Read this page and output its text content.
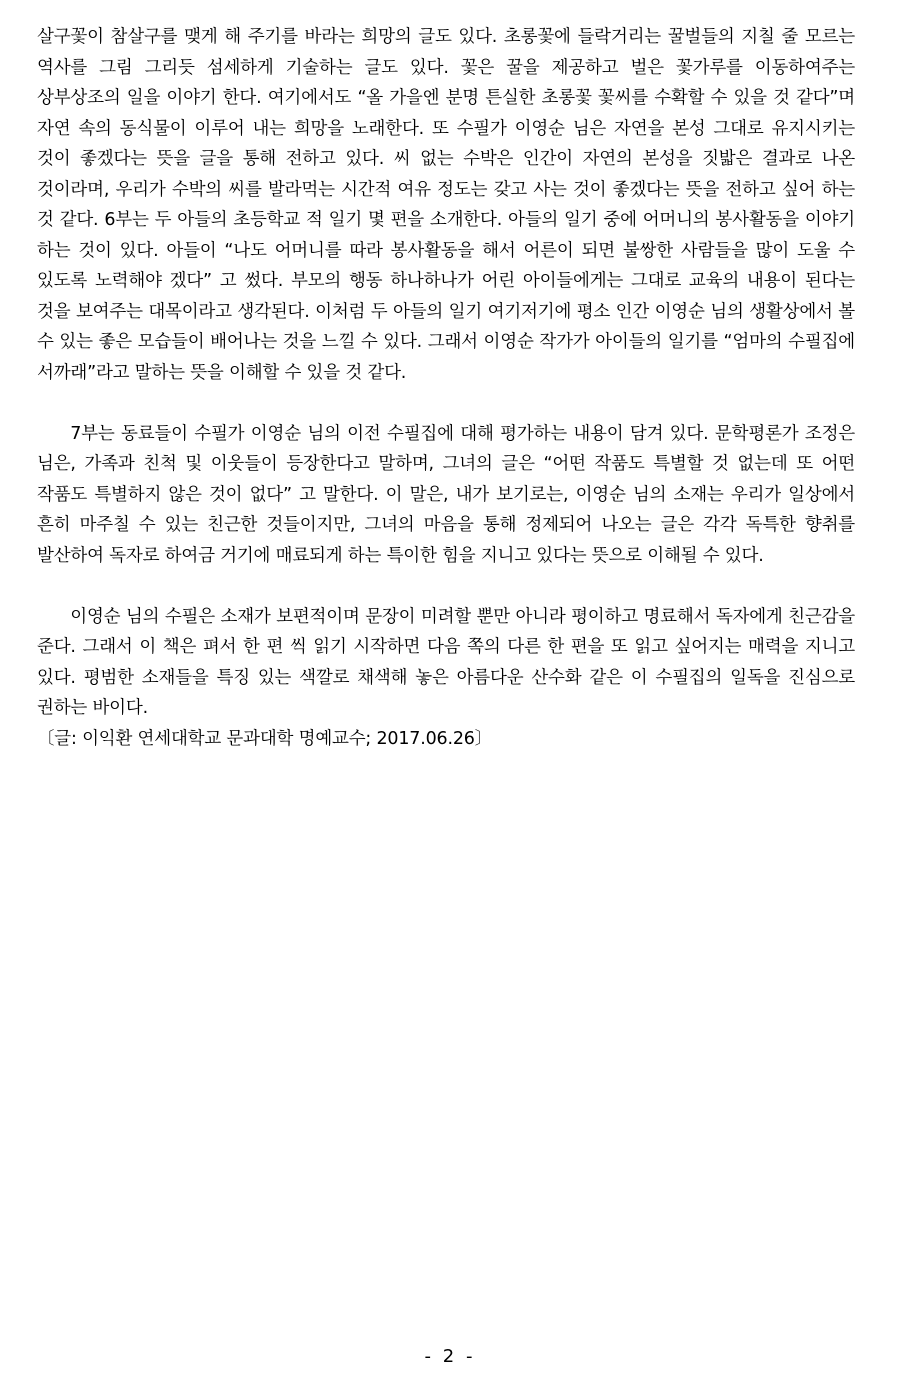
살구꽃이 참살구를 맺게 해 주기를 바라는 희망의 글도 있다. 초롱꽃에 들락거리는 꿀벌들의 지칠 줄 모르는 역사를 그림 그리듯 섬세하게 기술하는 글도 있다. 꽃은 꿀을 제공하고 벌은 꽃가루를 이동하여주는 상부상조의 일을 이야기 한다. 여기에서도 “올 가을엔 분명 튼실한 초롱꽃 꽃씨를 수확할 수 있을 것 같다”며 자연 속의 동식물이 이루어 내는 희망을 노래한다. 또 수필가 이영순 님은 자연을 본성 그대로 유지시키는 것이 좋겠다는 뜻을 글을 통해 전하고 있다. 씨 없는 수박은 인간이 자연의 본성을 짓밟은 결과로 나온 것이라며, 우리가 수박의 씨를 발라먹는 시간적 여유 정도는 갖고 사는 것이 좋겠다는 뜻을 전하고 싶어 하는 것 같다. 6부는 두 아들의 초등학교 적 일기 몇 편을 소개한다. 아들의 일기 중에 어머니의 봉사활동을 이야기 하는 것이 있다. 아들이 “나도 어머니를 따라 봉사활동을 해서 어른이 되면 불쌍한 사람들을 많이 도울 수 있도록 노력해야 겠다” 고 썼다. 부모의 행동 하나하나가 어린 아이들에게는 그대로 교육의 내용이 된다는 것을 보여주는 대목이라고 생각된다. 이처럼 두 아들의 일기 여기저기에 평소 인간 이영순 님의 생활상에서 볼 수 있는 좋은 모습들이 배어나는 것을 느낄 수 있다. 그래서 이영순 작가가 아이들의 일기를 “엄마의 수필집에 서까래”라고 말하는 뜻을 이해할 수 있을 것 같다.

7부는 동료들이 수필가 이영순 님의 이전 수필집에 대해 평가하는 내용이 담겨 있다. 문학평론가 조정은 님은, 가족과 친척 및 이웃들이 등장한다고 말하며, 그녀의 글은 “어떤 작품도 특별할 것 없는데 또 어떤 작품도 특별하지 않은 것이 없다” 고 말한다. 이 말은, 내가 보기로는, 이영순 님의 소재는 우리가 일상에서 흔히 마주칠 수 있는 친근한 것들이지만, 그녀의 마음을 통해 정제되어 나오는 글은 각각 독특한 향취를 발산하여 독자로 하여금 거기에 매료되게 하는 특이한 힘을 지니고 있다는 뜻으로 이해될 수 있다.

이영순 님의 수필은 소재가 보편적이며 문장이 미려할 뿐만 아니라 평이하고 명료해서 독자에게 친근감을 준다. 그래서 이 책은 펴서 한 편 씩 읽기 시작하면 다음 쪽의 다른 한 편을 또 읽고 싶어지는 매력을 지니고 있다. 평범한 소재들을 특징 있는 색깔로 채색해 놓은 아름다운 산수화 같은 이 수필집의 일독을 진심으로 권하는 바이다.

〔글: 이익환 연세대학교 문과대학 명예교수; 2017.06.26〕

- 2 -
